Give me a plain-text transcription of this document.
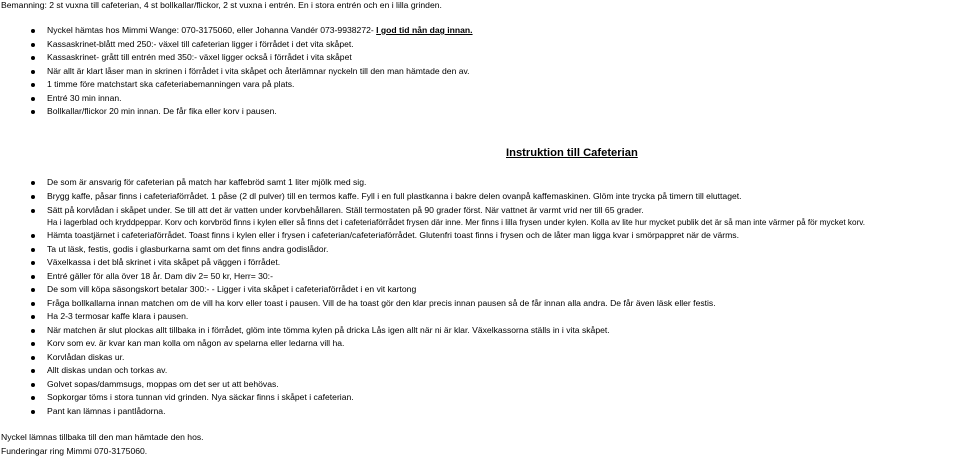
Bemanning: 2 st vuxna till cafeterian, 4 st bollkallar/flickor, 2 st vuxna i entrén. En i stora entrén och en i lilla grinden.
Nyckel hämtas hos Mimmi Wange: 070-3175060, eller Johanna Vandér 073-9938272- I god tid nån dag innan.
Kassaskrinet-blått med 250:- växel till cafeterian ligger i förrådet i det vita skåpet.
Kassaskrinet- grått till entrén med 350:- växel ligger också i förrådet i vita skåpet
När allt är klart låser man in skrinen i förrådet i vita skåpet och återlämnar nyckeln till den man hämtade den av.
1 timme före matchstart ska cafeteriabemanningen vara på plats.
Entré 30 min innan.
Bollkallar/flickor 20 min innan. De får fika eller korv i pausen.
Instruktion till Cafeterian
De som är ansvarig för cafeterian på match har kaffebröd samt 1 liter mjölk med sig.
Brygg kaffe, påsar finns i cafeteriaförrådet. 1 påse (2 dl pulver) till en termos kaffe. Fyll i en full plastkanna i bakre delen ovanpå kaffemaskinen. Glöm inte trycka på timern till eluttaget.
Sätt på korvlådan i skåpet under. Se till att det är vatten under korvbehållaren. Ställ termostaten på 90 grader först. När vattnet är varmt vrid ner till 65 grader.
Ha i lagerblad och kryddpeppar. Korv och korvbröd finns i kylen eller så finns det i cafeteriaförrådet frysen där inne. Mer finns i lilla frysen under kylen. Kolla av lite hur mycket publik det är så man inte värmer på för mycket korv.
Hämta toastjärnet i cafeteriaförrådet. Toast finns i kylen eller i frysen i cafeterian/cafeteriaförrådet. Glutenfri toast finns i frysen och de låter man ligga kvar i smörpappret när de värms.
Ta ut läsk, festis, godis i glasburkarna samt om det finns andra godislådor.
Växelkassa i det blå skrinet i vita skåpet på väggen i förrådet.
Entré gäller för alla över 18 år. Dam div 2= 50 kr, Herr= 30:-
De som vill köpa säsongskort betalar 300:- - Ligger i vita skåpet i cafeteriaförrådet i en vit kartong
Fråga bollkallarna innan matchen om de vill ha korv eller toast i pausen. Vill de ha toast gör den klar precis innan pausen så de får innan alla andra. De får även läsk eller festis.
Ha 2-3 termosar kaffe klara i pausen.
När matchen är slut plockas allt tillbaka in i förrådet, glöm inte tömma kylen på dricka Lås igen allt när ni är klar. Växelkassorna ställs in i vita skåpet.
Korv som ev. är kvar kan man kolla om någon av spelarna eller ledarna vill ha.
Korvlådan diskas ur.
Allt diskas undan och torkas av.
Golvet sopas/dammsugs, moppas om det ser ut att behövas.
Sopkorgar töms i stora tunnan vid grinden. Nya säckar finns i skåpet i cafeterian.
Pant kan lämnas i pantlådorna.
Nyckel lämnas tillbaka till den man hämtade den hos.
Funderingar ring Mimmi 070-3175060.
